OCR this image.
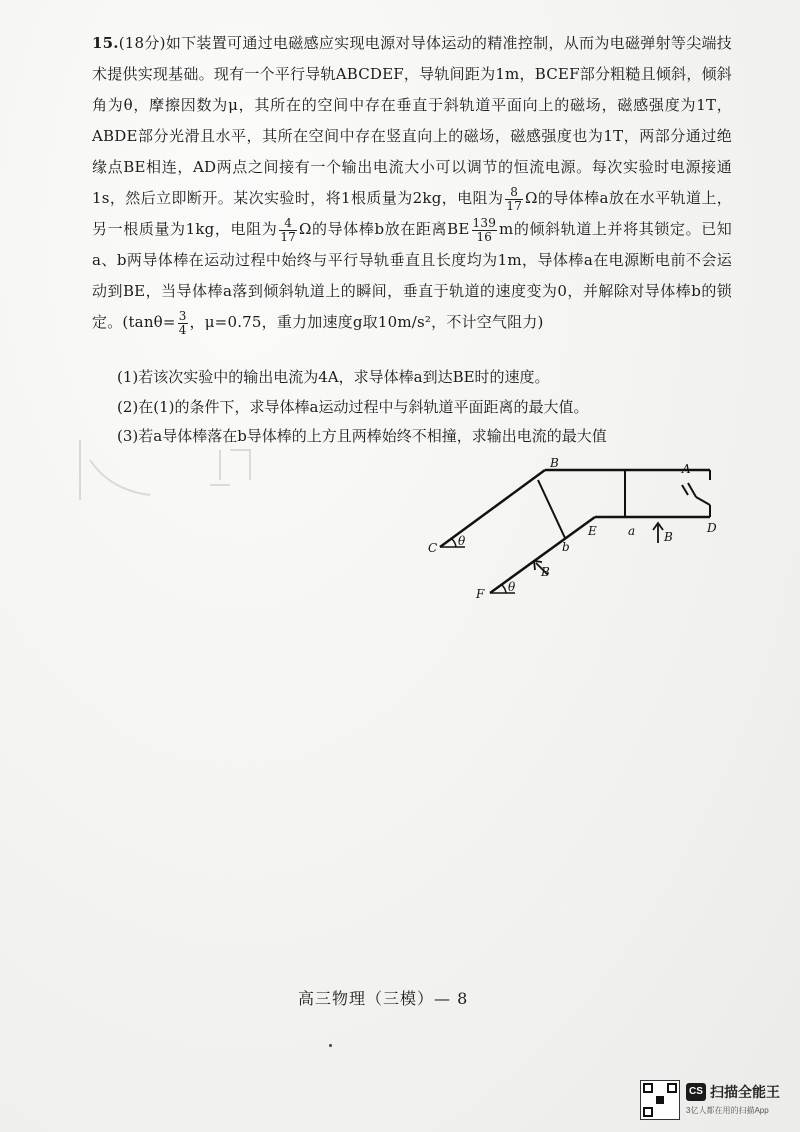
15.(18分)如下装置可通过电磁感应实现电源对导体运动的精准控制，从而为电磁弹射等尖端技术提供实现基础。现有一个平行导轨ABCDEF，导轨间距为1m，BCEF部分粗糙且倾斜，倾斜角为θ，摩擦因数为μ，其所在的空间中存在垂直于斜轨道平面向上的磁场，磁感强度为1T，ABDE部分光滑且水平，其所在空间中存在竖直向上的磁场，磁感强度也为1T，两部分通过绝缘点BE相连，AD两点之间接有一个输出电流大小可以调节的恒流电源。每次实验时电源接通1s，然后立即断开。某次实验时，将1根质量为2kg，电阻为 $\frac{8}{17}$ Ω的导体棒a放在水平轨道上，另一根质量为1kg，电阻为 $\frac{4}{17}$ Ω的导体棒b放在距离BE $\frac{139}{16}$ m的倾斜轨道上并将其锁定。已知a、b两导体棒在运动过程中始终与平行导轨垂直且长度均为1m，导体棒a在电源断电前不会运动到BE，当导体棒a落到倾斜轨道上的瞬间，垂直于轨道的速度变为0，并解除对导体棒b的锁定。($\tan\theta= \frac{3}{4}$ ，μ=0.75，重力加速度g取10m/s²，不计空气阻力)

(1)若该次实验中的输出电流为4A，求导体棒a到达BE时的速度。
(2)在(1)的条件下，求导体棒a运动过程中与斜轨道平面距离的最大值。
(3)若a导体棒落在b导体棒的上方且两棒始终不相撞，求输出电流的最大值
B	A
C
D
E
F
a
b
B
B
θ
θ
高三物理（三模）— 8
CS 扫描全能王
3亿人都在用的扫描App
